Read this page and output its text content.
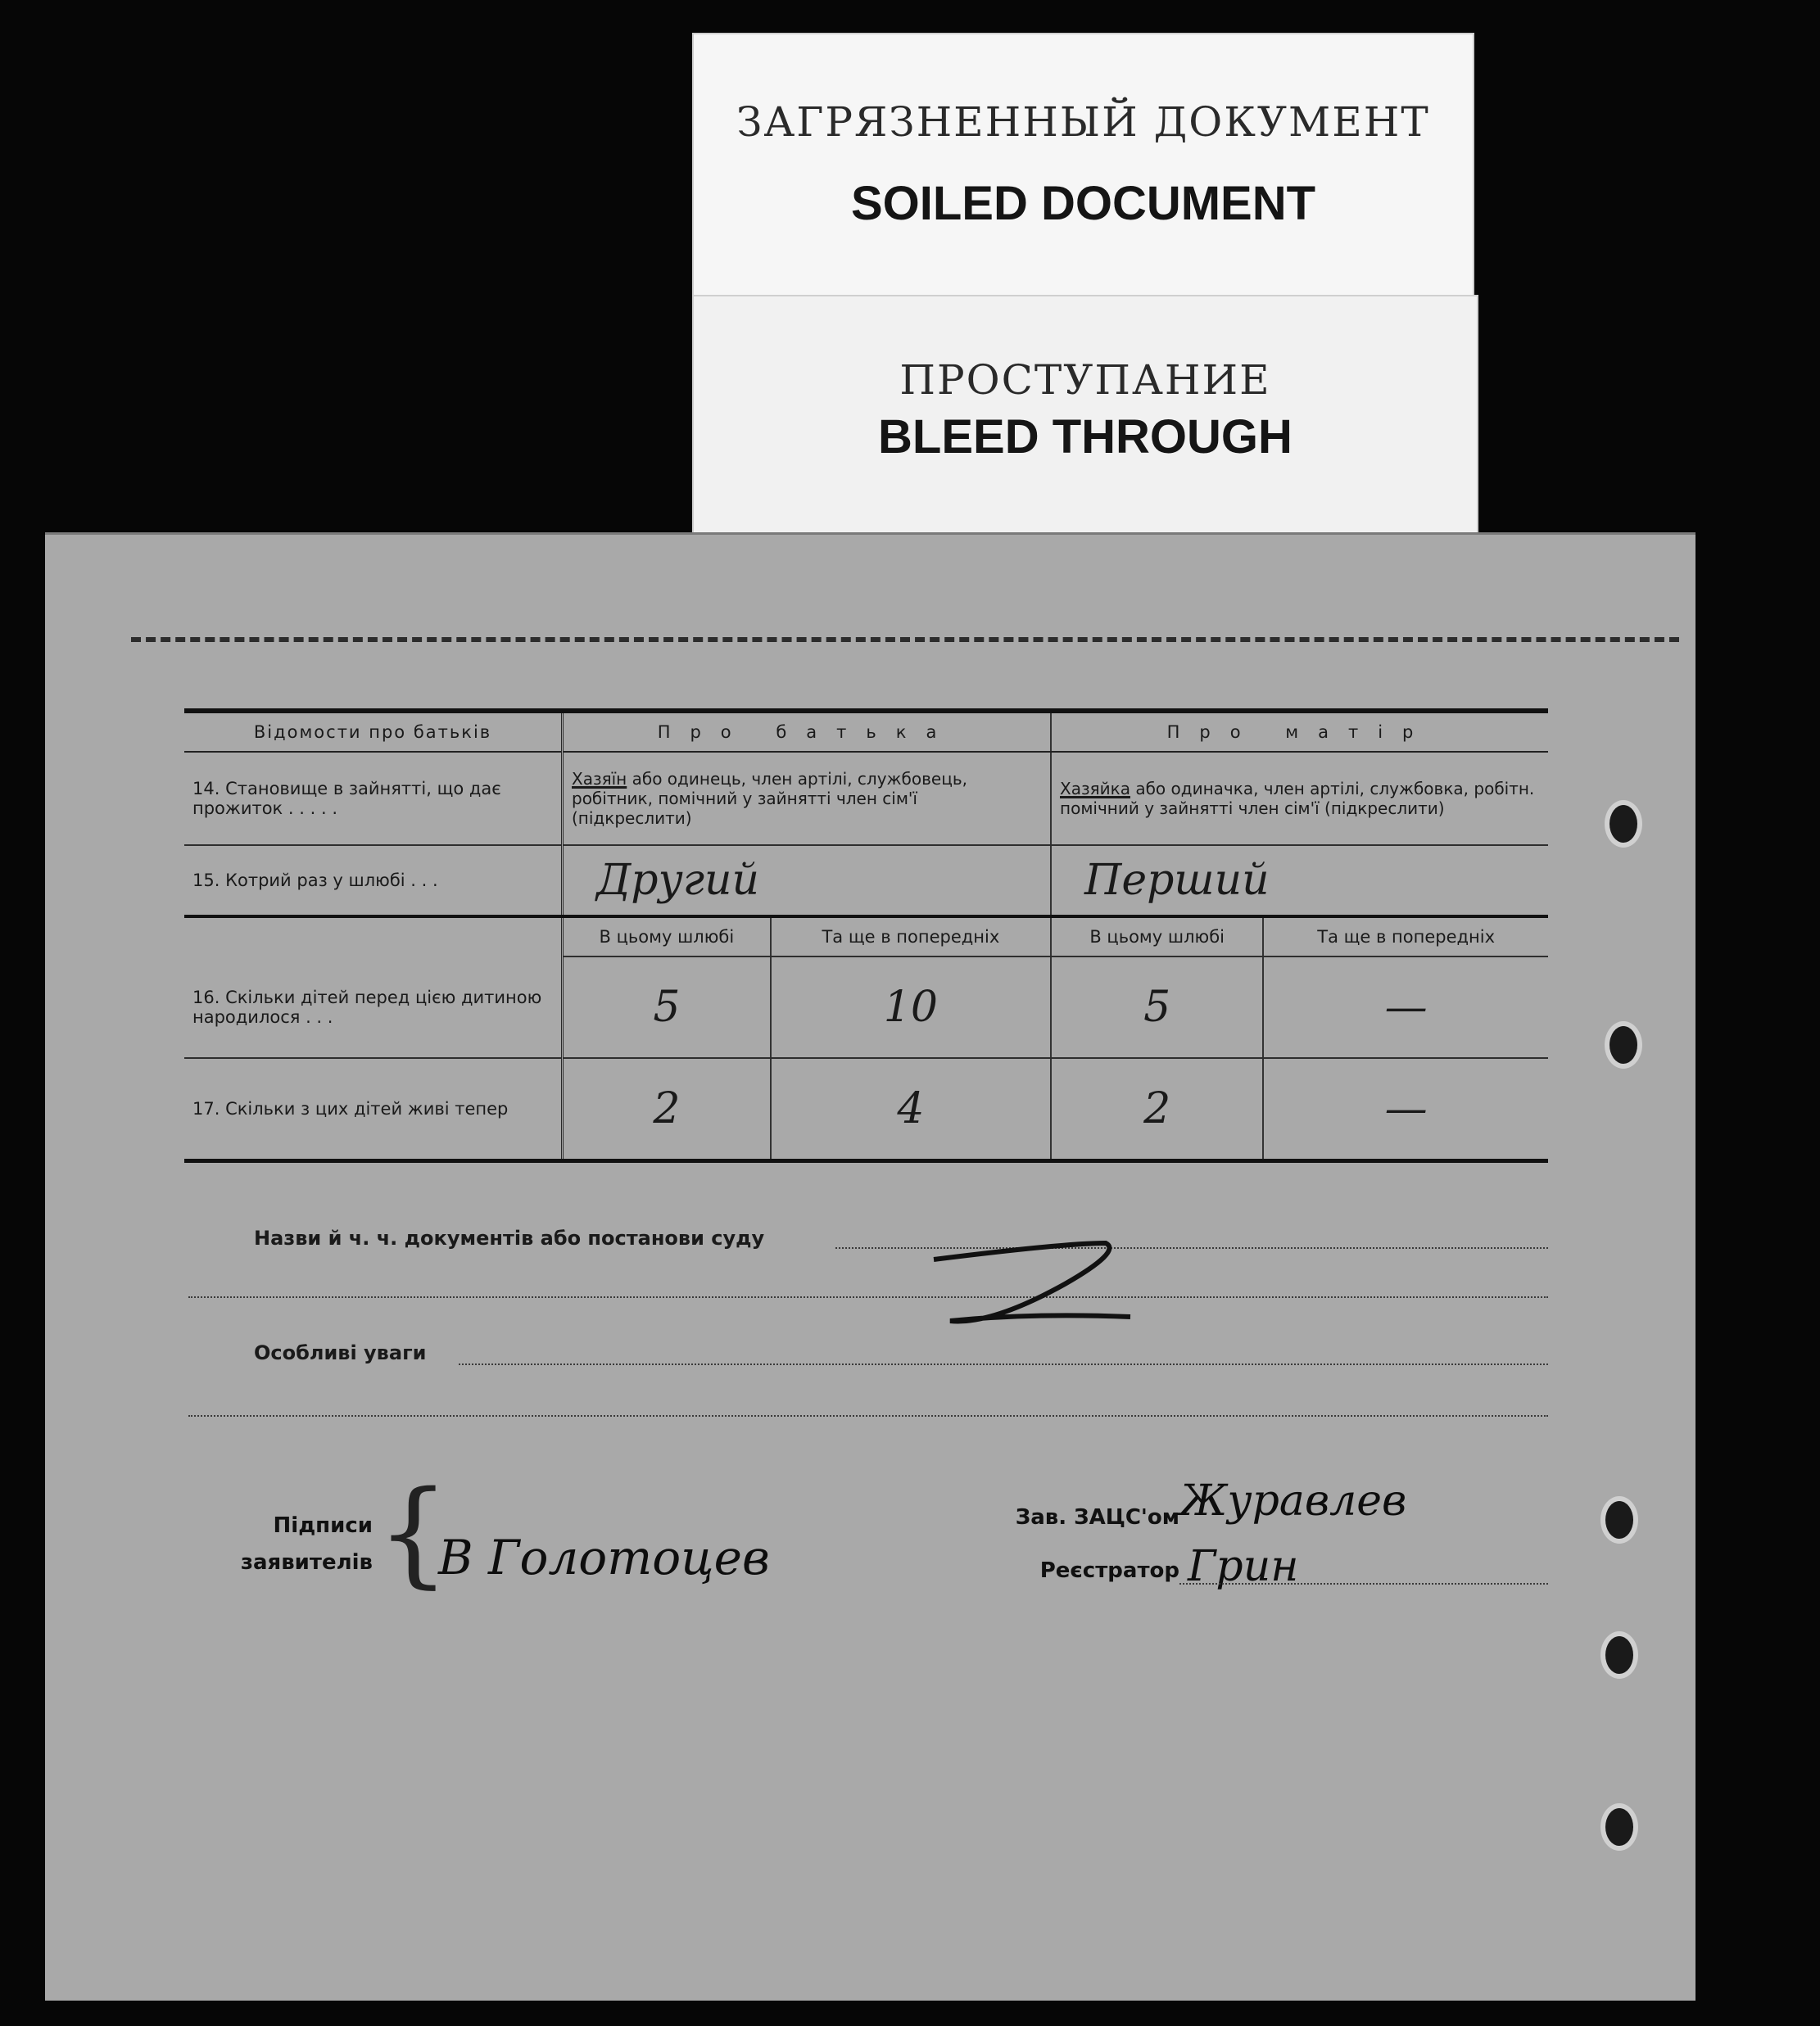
ЗАГРЯЗНЕННЫЙ ДОКУМЕНТ
SOILED DOCUMENT
ПРОСТУПАНИЕ
BLEED THROUGH
Відомости про батьків	Про батька		Про матір	
14. Становище в зайнятті, що дає прожиток . . . . .	Хазяїн або одинець, член артілі, службовець, робітник, помічний у зайнятті член сім'ї (підкреслити)		Хазяйка або одиначка, член артілі, службовка, робітн. помічний у зайнятті член сім'ї (підкреслити)	
15. Котрий раз у шлюбі . . .	Другий		Перший	
	В цьому шлюбі	Та ще в попередніх	В цьому шлюбі	Та ще в попередніх
16. Скільки дітей перед цією дитиною народилося . . .	5	10	5	—
17. Скільки з цих дітей живі тепер	2	4	2	—
Назви й ч. ч. документів або постанови суду
Особливі уваги
Підписи
заявителів {
В Голотоцев
Зав. ЗАЦС'ом Журавлев
Реєстратор Грин
